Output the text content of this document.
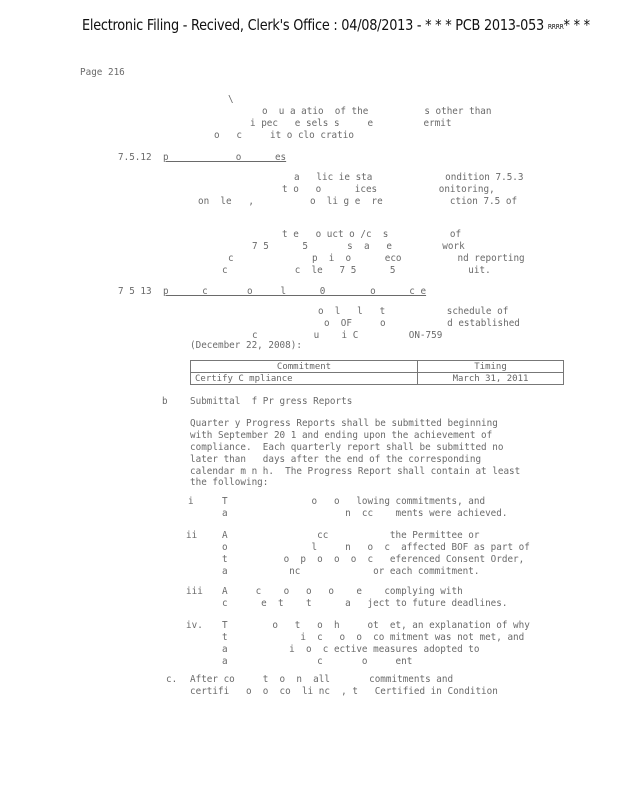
Electronic Filing - Recived, Clerk's Office : 04/08/2013 - * * * PCB 2013-053 RRRR* * *
Page 216
\
o  u a atio  of the          s other than
i pec   e sels s     e         ermit
o   c     it o clo cratio
7.5.12 p            o      es
a   lic ie sta             ondition 7.5.3
t o   o      ices           onitoring,
on  le   ,          o  li g e  re            ction 7.5 of
t e   o uct o /c  s           of
7 5      5       s  a   e         work
c              p  i  o      eco          nd reporting
c            c  le   7 5      5             uit.
7 5 13 p      c       o     l      0        o      c e
o  l   l   t           schedule of
o  OF     o           d established
c          u    i C         ON-759
(December 22, 2008):
Commitment	Timing
Certify C mpliance	March 31, 2011
b Submittal  f Pr gress Reports
Quarter y Progress Reports shall be submitted beginning
with September 20 1 and ending upon the achievement of
compliance.  Each quarterly report shall be submitted no
later than   days after the end of the corresponding
calendar m n h.  The Progress Report shall contain at least
the following:
i	T               o   o   lowing commitments, and
a                     n  cc    ments were achieved.
ii	A                cc           the Permittee or
o               l     n   o  c  affected BOF as part of
t          o  p  o  o  o  c   eferenced Consent Order,
a           nc             or each commitment.
iii A     c    o   o   o    e    complying with
c      e  t    t      a   ject to future deadlines.
iv. T        o   t   o  h     ot  et, an explanation of why
t             i  c   o  o  co mitment was not met, and
a           i  o  c ective measures adopted to
a                c       o     ent
c. After co     t  o  n  all       commitments and
certifi   o  o  co  li nc  , t   Certified in Condition
